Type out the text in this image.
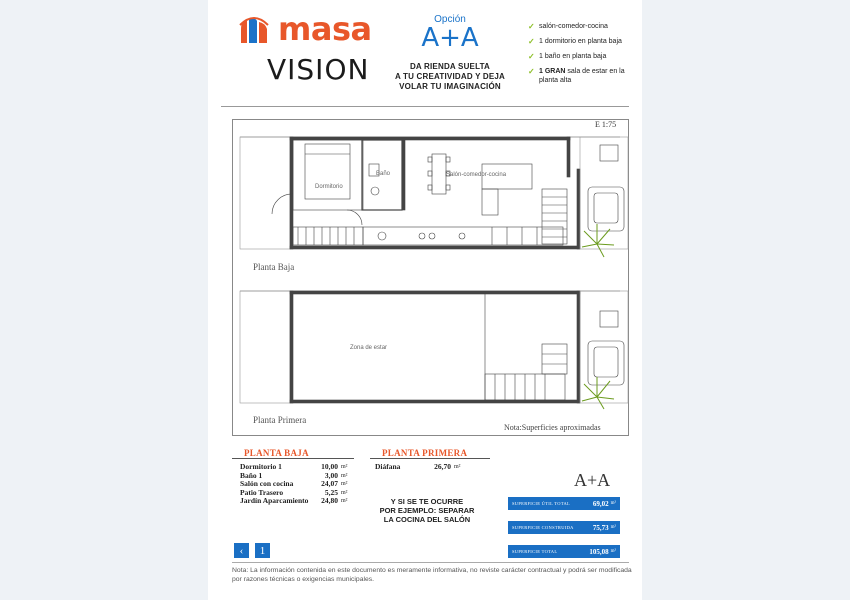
masa
VISION
Opción
A+A
DA RIENDA SUELTA
A TU CREATIVIDAD Y DEJA
VOLAR TU IMAGINACIÓN
✓ salón-comedor-cocina
✓ 1 dormitorio en planta baja
✓ 1 baño en planta baja
✓ 1 GRAN sala de estar en la planta alta
E 1:75
Dormitorio
Baño	Salón-comedor-cocina
Planta Baja
Zona de estar
Planta Primera
Nota:Superficies aproximadas
PLANTA BAJA
Dormitorio 1	10,00 m²
Baño 1	3,00 m²
Salón con cocina	24,07 m²
Patio Trasero	5,25 m²
Jardín Aparcamiento	24,80 m²
PLANTA PRIMERA
Diáfana	26,70 m²
Y SI SE TE OCURRE
POR EJEMPLO: SEPARAR
LA COCINA DEL SALÓN
A+A
SUPERFICIE ÚTIL TOTAL	69,02 m²
SUPERFICIE CONSTRUIDA	75,73 m²
SUPERFICIE TOTAL	105,08 m²
‹	1
Nota: La información contenida en este documento es meramente informativa, no reviste carácter contractual y podrá ser modificada por razones técnicas o exigencias municipales.
